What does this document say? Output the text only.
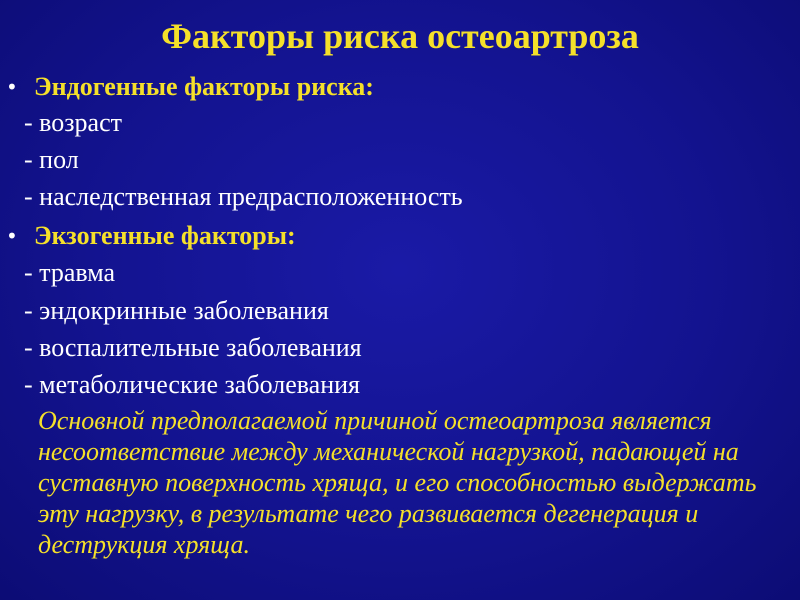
Факторы риска остеоартроза
• Эндогенные факторы риска:
- возраст
- пол
- наследственная предрасположенность
• Экзогенные факторы:
- травма
- эндокринные заболевания
- воспалительные заболевания
- метаболические заболевания
Основной предполагаемой причиной остеоартроза является несоответствие между механической нагрузкой, падающей на суставную поверхность хряща, и его способностью выдержать эту нагрузку, в результате чего развивается дегенерация и деструкция хряща.
